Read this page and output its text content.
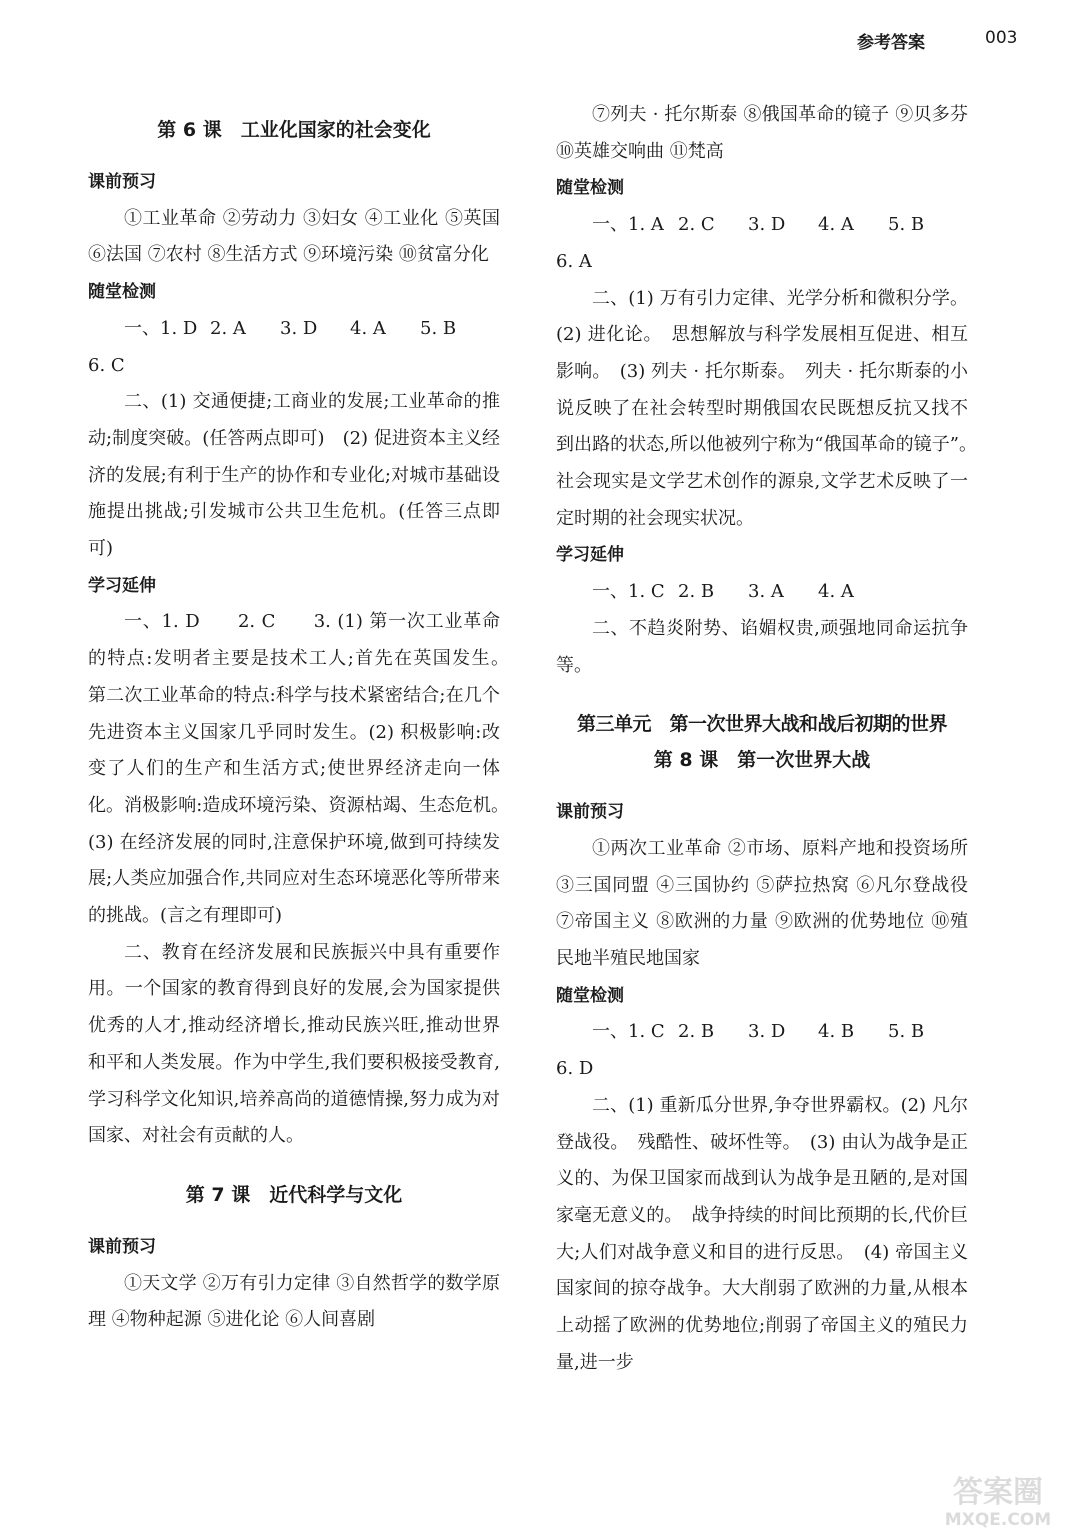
参考答案	003
第 6 课　工业化国家的社会变化
课前预习

①工业革命 ②劳动力 ③妇女 ④工业化 ⑤英国 ⑥法国 ⑦农村 ⑧生活方式 ⑨环境污染 ⑩贫富分化

随堂检测
一、1. D 2. A	3. D	4. A	5. B
6. C

二、(1) 交通便捷;工商业的发展;工业革命的推动;制度突破。(任答两点即可)　(2) 促进资本主义经济的发展;有利于生产的协作和专业化;对城市基础设施提出挑战;引发城市公共卫生危机。(任答三点即可)

学习延伸

一、1. D　　2. C　　3. (1) 第一次工业革命的特点:发明者主要是技术工人;首先在英国发生。　第二次工业革命的特点:科学与技术紧密结合;在几个先进资本主义国家几乎同时发生。(2) 积极影响:改变了人们的生产和生活方式;使世界经济走向一体化。消极影响:造成环境污染、资源枯竭、生态危机。　(3) 在经济发展的同时,注意保护环境,做到可持续发展;人类应加强合作,共同应对生态环境恶化等所带来的挑战。(言之有理即可)

二、教育在经济发展和民族振兴中具有重要作用。一个国家的教育得到良好的发展,会为国家提供优秀的人才,推动经济增长,推动民族兴旺,推动世界和平和人类发展。作为中学生,我们要积极接受教育,学习科学文化知识,培养高尚的道德情操,努力成为对国家、对社会有贡献的人。

第 7 课　近代科学与文化
课前预习

①天文学 ②万有引力定律 ③自然哲学的数学原理 ④物种起源 ⑤进化论 ⑥人间喜剧

⑦列夫 · 托尔斯泰 ⑧俄国革命的镜子 ⑨贝多芬 ⑩英雄交响曲 ⑪梵高

随堂检测
一、1. A 2. C	3. D	4. A	5. B
6. A

二、(1) 万有引力定律、光学分析和微积分学。(2) 进化论。　思想解放与科学发展相互促进、相互影响。　(3) 列夫 · 托尔斯泰。　列夫 · 托尔斯泰的小说反映了在社会转型时期俄国农民既想反抗又找不到出路的状态,所以他被列宁称为“俄国革命的镜子”。　社会现实是文学艺术创作的源泉,文学艺术反映了一定时期的社会现实状况。

学习延伸
一、1. C 2. B	3. A	4. A

二、不趋炎附势、谄媚权贵,顽强地同命运抗争等。

第三单元　第一次世界大战和战后初期的世界
第 8 课　第一次世界大战
课前预习

①两次工业革命 ②市场、原料产地和投资场所 ③三国同盟 ④三国协约 ⑤萨拉热窝 ⑥凡尔登战役 ⑦帝国主义 ⑧欧洲的力量 ⑨欧洲的优势地位 ⑩殖民地半殖民地国家

随堂检测
一、1. C 2. B	3. D	4. B	5. B
6. D

二、(1) 重新瓜分世界,争夺世界霸权。(2) 凡尔登战役。　残酷性、破坏性等。　(3) 由认为战争是正义的、为保卫国家而战到认为战争是丑陋的,是对国家毫无意义的。　战争持续的时间比预期的长,代价巨大;人们对战争意义和目的进行反思。　(4) 帝国主义国家间的掠夺战争。大大削弱了欧洲的力量,从根本上动摇了欧洲的优势地位;削弱了帝国主义的殖民力量,进一步

答案圈
MXQE.COM
